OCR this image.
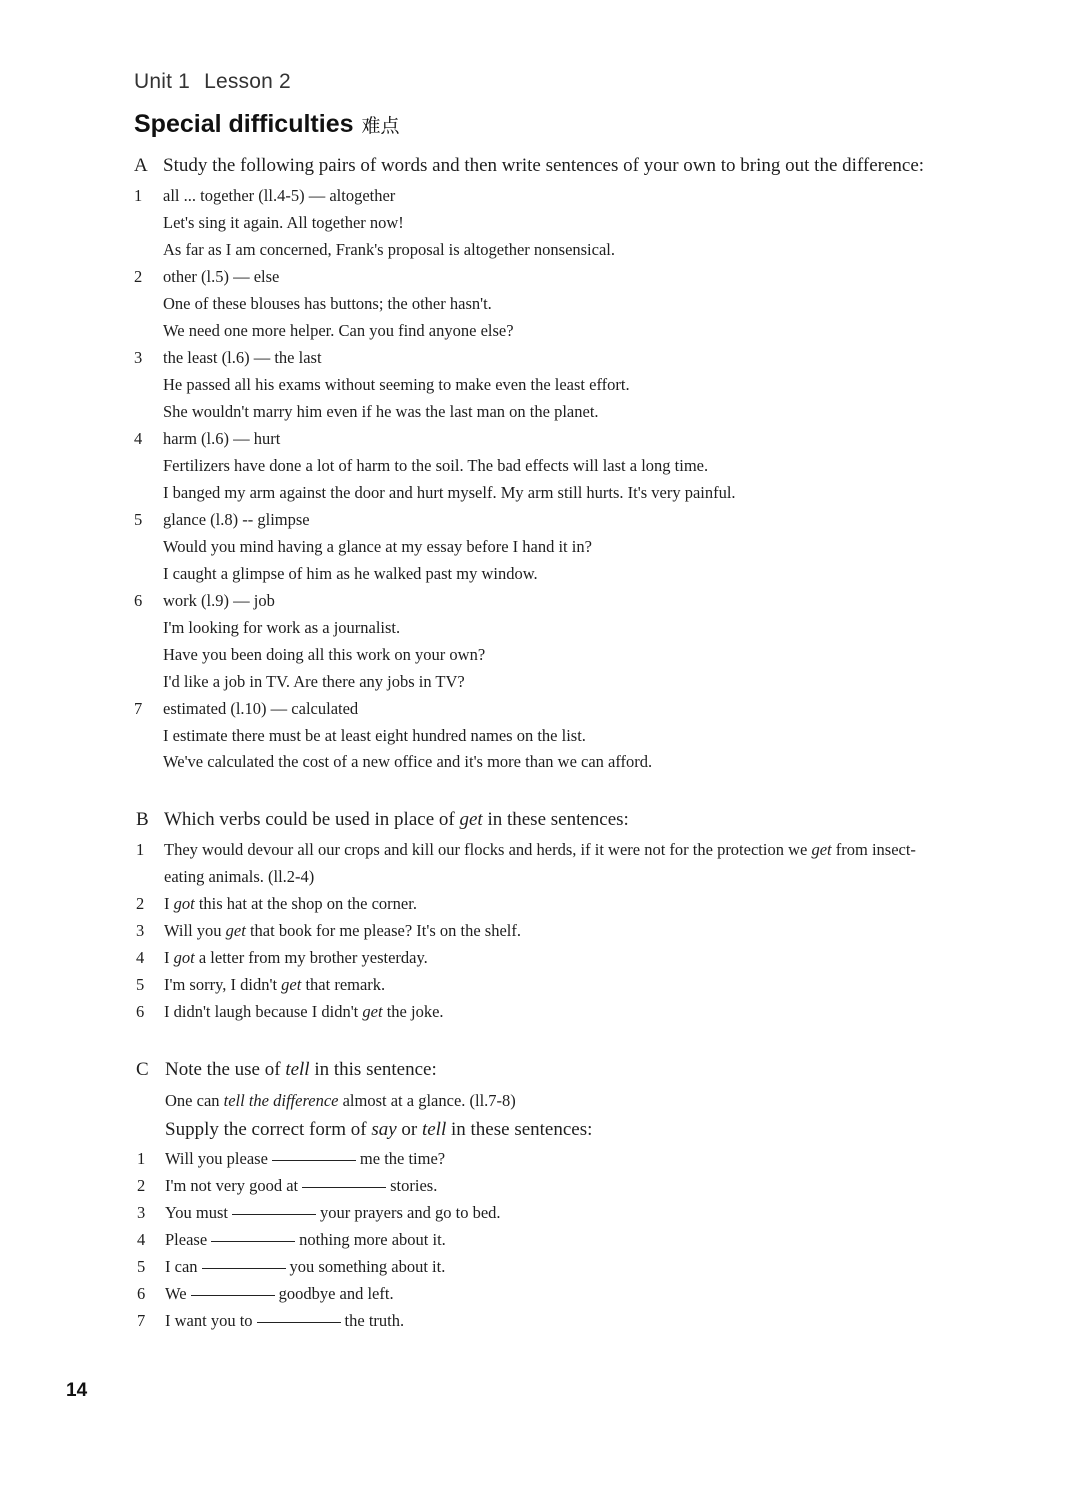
Unit 1 Lesson 2
Special difficulties 难点
A Study the following pairs of words and then write sentences of your own to bring out the difference:
1 all ... together (ll.4-5) — altogether
Let's sing it again. All together now!
As far as I am concerned, Frank's proposal is altogether nonsensical.
2 other (l.5) — else
One of these blouses has buttons; the other hasn't.
We need one more helper. Can you find anyone else?
3 the least (l.6) — the last
He passed all his exams without seeming to make even the least effort.
She wouldn't marry him even if he was the last man on the planet.
4 harm (l.6) — hurt
Fertilizers have done a lot of harm to the soil. The bad effects will last a long time.
I banged my arm against the door and hurt myself. My arm still hurts. It's very painful.
5 glance (l.8) -- glimpse
Would you mind having a glance at my essay before I hand it in?
I caught a glimpse of him as he walked past my window.
6 work (l.9) — job
I'm looking for work as a journalist.
Have you been doing all this work on your own?
I'd like a job in TV. Are there any jobs in TV?
7 estimated (l.10) — calculated
I estimate there must be at least eight hundred names on the list.
We've calculated the cost of a new office and it's more than we can afford.
B Which verbs could be used in place of get in these sentences:
1 They would devour all our crops and kill our flocks and herds, if it were not for the protection we get from insect-
eating animals. (ll.2-4)
2 I got this hat at the shop on the corner.
3 Will you get that book for me please? It's on the shelf.
4 I got a letter from my brother yesterday.
5 I'm sorry, I didn't get that remark.
6 I didn't laugh because I didn't get the joke.
C Note the use of tell in this sentence:
One can tell the difference almost at a glance. (ll.7-8)
Supply the correct form of say or tell in these sentences:
1 Will you please	me the time?
2 I'm not very good at	stories.
3 You must	your prayers and go to bed.
4 Please	nothing more about it.
5 I can	you something about it.
6 We	goodbye and left.
7 I want you to	the truth.
14
